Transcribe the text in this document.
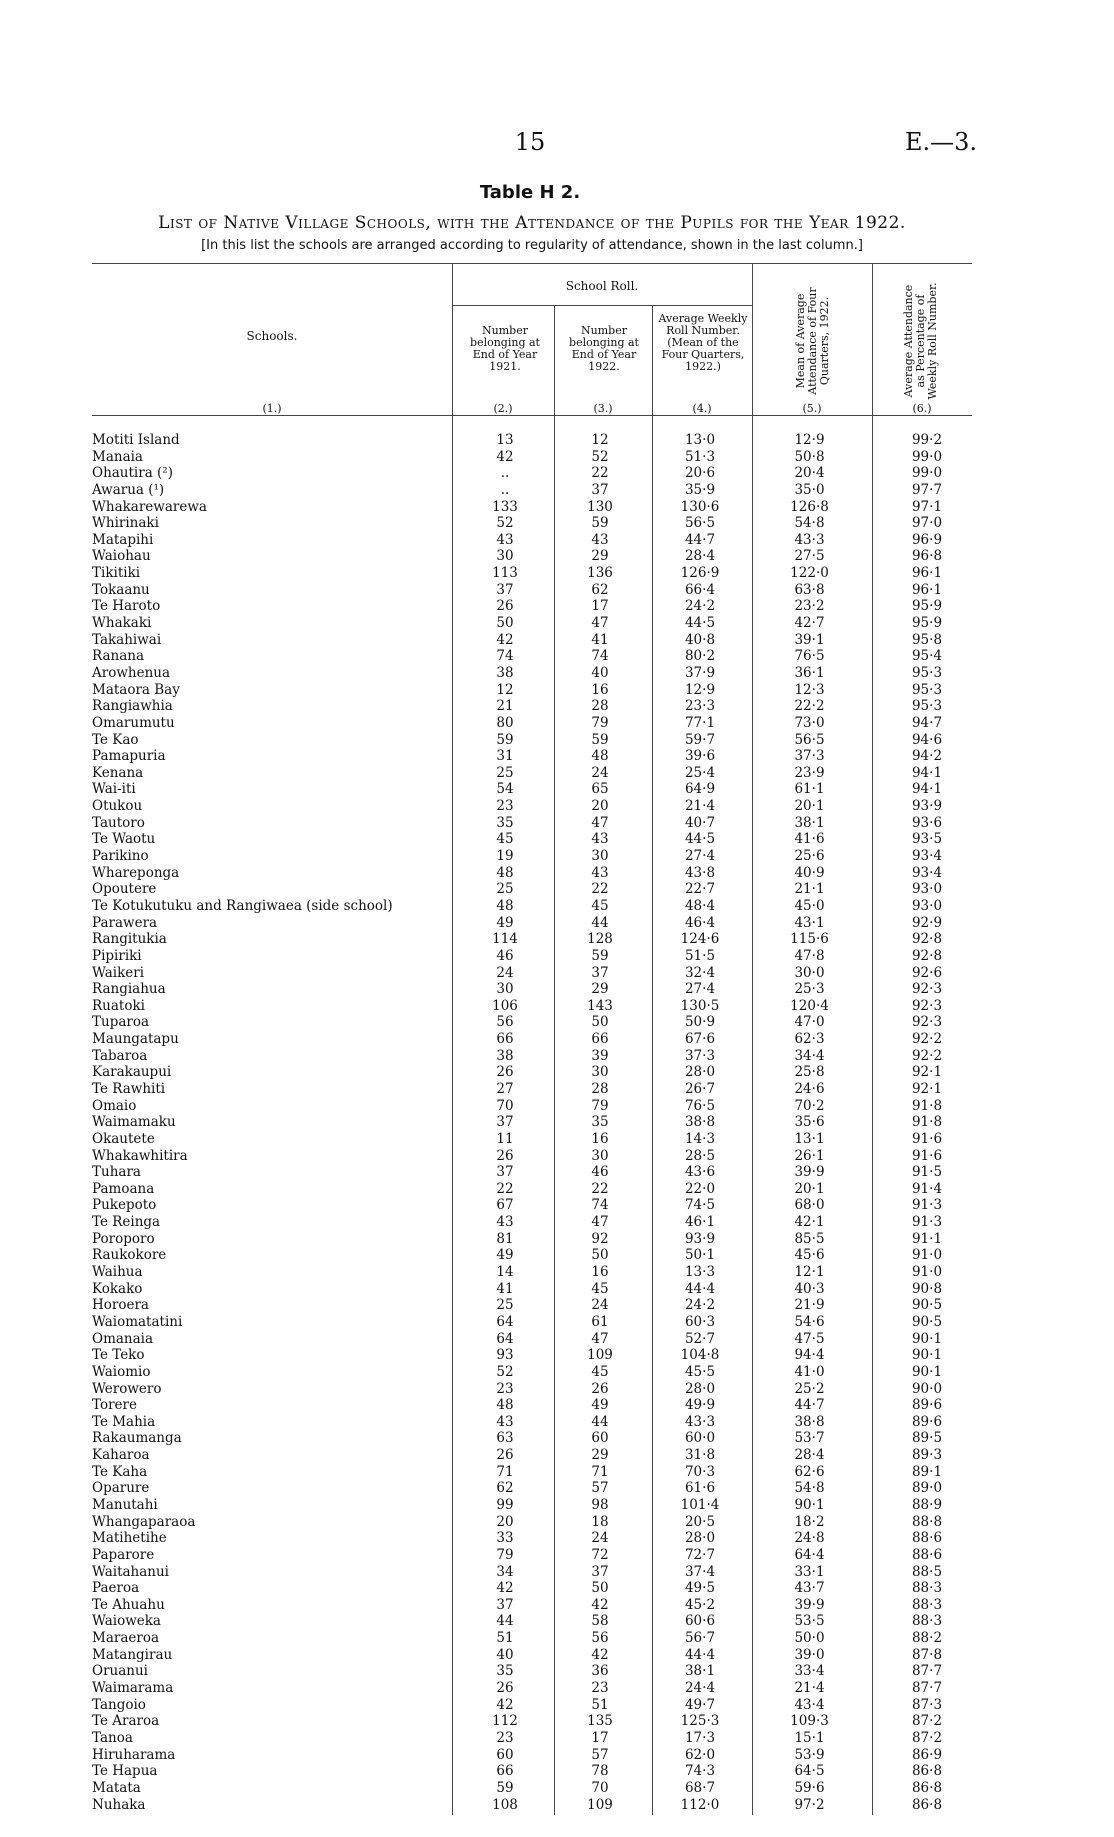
15	E.—3.
Table H 2.
List of Native Village Schools, with the Attendance of the Pupils for the Year 1922.
[In this list the schools are arranged according to regularity of attendance, shown in the last column.]
Schools.
School Roll.
Number belonging at End of Year 1921.
Number belonging at End of Year 1922.
Average Weekly Roll Number. (Mean of the Four Quarters, 1922.)	Mean of Average Attendance of Four Quarters, 1922.	Average Attendance as Percentage of Weekly Roll Number.
(1.)	(2.)	(3.)	(4.)	(5.)	(6.)
Motiti Island	13	12	13·0	12·9	99·2
Manaia	42	52	51·3	50·8	99·0
Ohautira (²)	..	22	20·6	20·4	99·0
Awarua (¹)	..	37	35·9	35·0	97·7
Whakarewarewa	133	130	130·6	126·8	97·1
Whirinaki	52	59	56·5	54·8	97·0
Matapihi	43	43	44·7	43·3	96·9
Waiohau	30	29	28·4	27·5	96·8
Tikitiki	113	136	126·9	122·0	96·1
Tokaanu	37	62	66·4	63·8	96·1
Te Haroto	26	17	24·2	23·2	95·9
Whakaki	50	47	44·5	42·7	95·9
Takahiwai	42	41	40·8	39·1	95·8
Ranana	74	74	80·2	76·5	95·4
Arowhenua	38	40	37·9	36·1	95·3
Mataora Bay	12	16	12·9	12·3	95·3
Rangiawhia	21	28	23·3	22·2	95·3
Omarumutu	80	79	77·1	73·0	94·7
Te Kao	59	59	59·7	56·5	94·6
Pamapuria	31	48	39·6	37·3	94·2
Kenana	25	24	25·4	23·9	94·1
Wai-iti	54	65	64·9	61·1	94·1
Otukou	23	20	21·4	20·1	93·9
Tautoro	35	47	40·7	38·1	93·6
Te Waotu	45	43	44·5	41·6	93·5
Parikino	19	30	27·4	25·6	93·4
Whareponga	48	43	43·8	40·9	93·4
Opoutere	25	22	22·7	21·1	93·0
Te Kotukutuku and Rangiwaea (side school)	48	45	48·4	45·0	93·0
Parawera	49	44	46·4	43·1	92·9
Rangitukia	114	128	124·6	115·6	92·8
Pipiriki	46	59	51·5	47·8	92·8
Waikeri	24	37	32·4	30·0	92·6
Rangiahua	30	29	27·4	25·3	92·3
Ruatoki	106	143	130·5	120·4	92·3
Tuparoa	56	50	50·9	47·0	92·3
Maungatapu	66	66	67·6	62·3	92·2
Tabaroa	38	39	37·3	34·4	92·2
Karakaupui	26	30	28·0	25·8	92·1
Te Rawhiti	27	28	26·7	24·6	92·1
Omaio	70	79	76·5	70·2	91·8
Waimamaku	37	35	38·8	35·6	91·8
Okautete	11	16	14·3	13·1	91·6
Whakawhitira	26	30	28·5	26·1	91·6
Tuhara	37	46	43·6	39·9	91·5
Pamoana	22	22	22·0	20·1	91·4
Pukepoto	67	74	74·5	68·0	91·3
Te Reinga	43	47	46·1	42·1	91·3
Poroporo	81	92	93·9	85·5	91·1
Raukokore	49	50	50·1	45·6	91·0
Waihua	14	16	13·3	12·1	91·0
Kokako	41	45	44·4	40·3	90·8
Horoera	25	24	24·2	21·9	90·5
Waiomatatini	64	61	60·3	54·6	90·5
Omanaia	64	47	52·7	47·5	90·1
Te Teko	93	109	104·8	94·4	90·1
Waiomio	52	45	45·5	41·0	90·1
Werowero	23	26	28·0	25·2	90·0
Torere	48	49	49·9	44·7	89·6
Te Mahia	43	44	43·3	38·8	89·6
Rakaumanga	63	60	60·0	53·7	89·5
Kaharoa	26	29	31·8	28·4	89·3
Te Kaha	71	71	70·3	62·6	89·1
Oparure	62	57	61·6	54·8	89·0
Manutahi	99	98	101·4	90·1	88·9
Whangaparaoa	20	18	20·5	18·2	88·8
Matihetihe	33	24	28·0	24·8	88·6
Paparore	79	72	72·7	64·4	88·6
Waitahanui	34	37	37·4	33·1	88·5
Paeroa	42	50	49·5	43·7	88·3
Te Ahuahu	37	42	45·2	39·9	88·3
Waioweka	44	58	60·6	53·5	88·3
Maraeroa	51	56	56·7	50·0	88·2
Matangirau	40	42	44·4	39·0	87·8
Oruanui	35	36	38·1	33·4	87·7
Waimarama	26	23	24·4	21·4	87·7
Tangoio	42	51	49·7	43·4	87·3
Te Araroa	112	135	125·3	109·3	87·2
Tanoa	23	17	17·3	15·1	87·2
Hiruharama	60	57	62·0	53·9	86·9
Te Hapua	66	78	74·3	64·5	86·8
Matata	59	70	68·7	59·6	86·8
Nuhaka	108	109	112·0	97·2	86·8
